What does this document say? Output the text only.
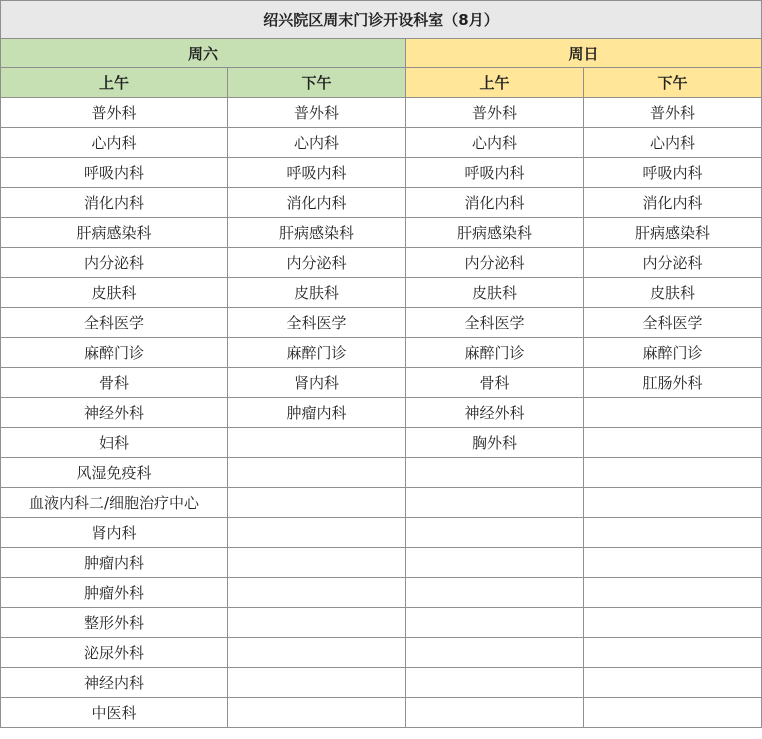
绍兴院区周末门诊开设科室（8月）			
周六		周日	
上午	下午	上午	下午
普外科	普外科	普外科	普外科
心内科	心内科	心内科	心内科
呼吸内科	呼吸内科	呼吸内科	呼吸内科
消化内科	消化内科	消化内科	消化内科
肝病感染科	肝病感染科	肝病感染科	肝病感染科
内分泌科	内分泌科	内分泌科	内分泌科
皮肤科	皮肤科	皮肤科	皮肤科
全科医学	全科医学	全科医学	全科医学
麻醉门诊	麻醉门诊	麻醉门诊	麻醉门诊
骨科	肾内科	骨科	肛肠外科
神经外科	肿瘤内科	神经外科	
妇科		胸外科	
风湿免疫科			
血液内科二/细胞治疗中心			
肾内科			
肿瘤内科			
肿瘤外科			
整形外科			
泌尿外科			
神经内科			
中医科			
